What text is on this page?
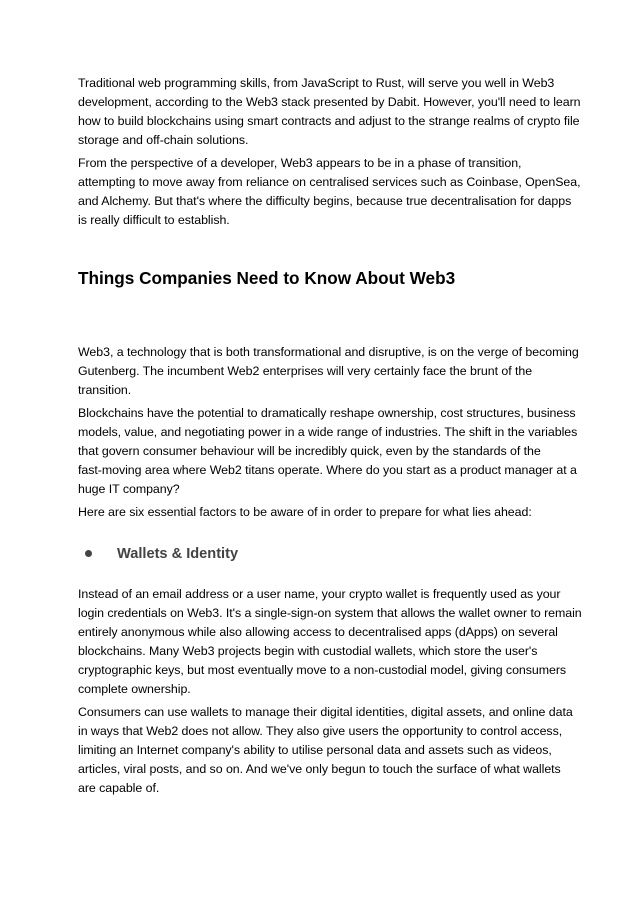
Traditional web programming skills, from JavaScript to Rust, will serve you well in Web3
development, according to the Web3 stack presented by Dabit. However, you'll need to learn
how to build blockchains using smart contracts and adjust to the strange realms of crypto file
storage and off-chain solutions.
From the perspective of a developer, Web3 appears to be in a phase of transition,
attempting to move away from reliance on centralised services such as Coinbase, OpenSea,
and Alchemy. But that's where the difficulty begins, because true decentralisation for dapps
is really difficult to establish.
Things Companies Need to Know About Web3
Web3, a technology that is both transformational and disruptive, is on the verge of becoming
Gutenberg. The incumbent Web2 enterprises will very certainly face the brunt of the
transition.
Blockchains have the potential to dramatically reshape ownership, cost structures, business
models, value, and negotiating power in a wide range of industries. The shift in the variables
that govern consumer behaviour will be incredibly quick, even by the standards of the
fast-moving area where Web2 titans operate. Where do you start as a product manager at a
huge IT company?
Here are six essential factors to be aware of in order to prepare for what lies ahead:
Wallets & Identity
Instead of an email address or a user name, your crypto wallet is frequently used as your
login credentials on Web3. It's a single-sign-on system that allows the wallet owner to remain
entirely anonymous while also allowing access to decentralised apps (dApps) on several
blockchains. Many Web3 projects begin with custodial wallets, which store the user's
cryptographic keys, but most eventually move to a non-custodial model, giving consumers
complete ownership.
Consumers can use wallets to manage their digital identities, digital assets, and online data
in ways that Web2 does not allow. They also give users the opportunity to control access,
limiting an Internet company's ability to utilise personal data and assets such as videos,
articles, viral posts, and so on. And we've only begun to touch the surface of what wallets
are capable of.
